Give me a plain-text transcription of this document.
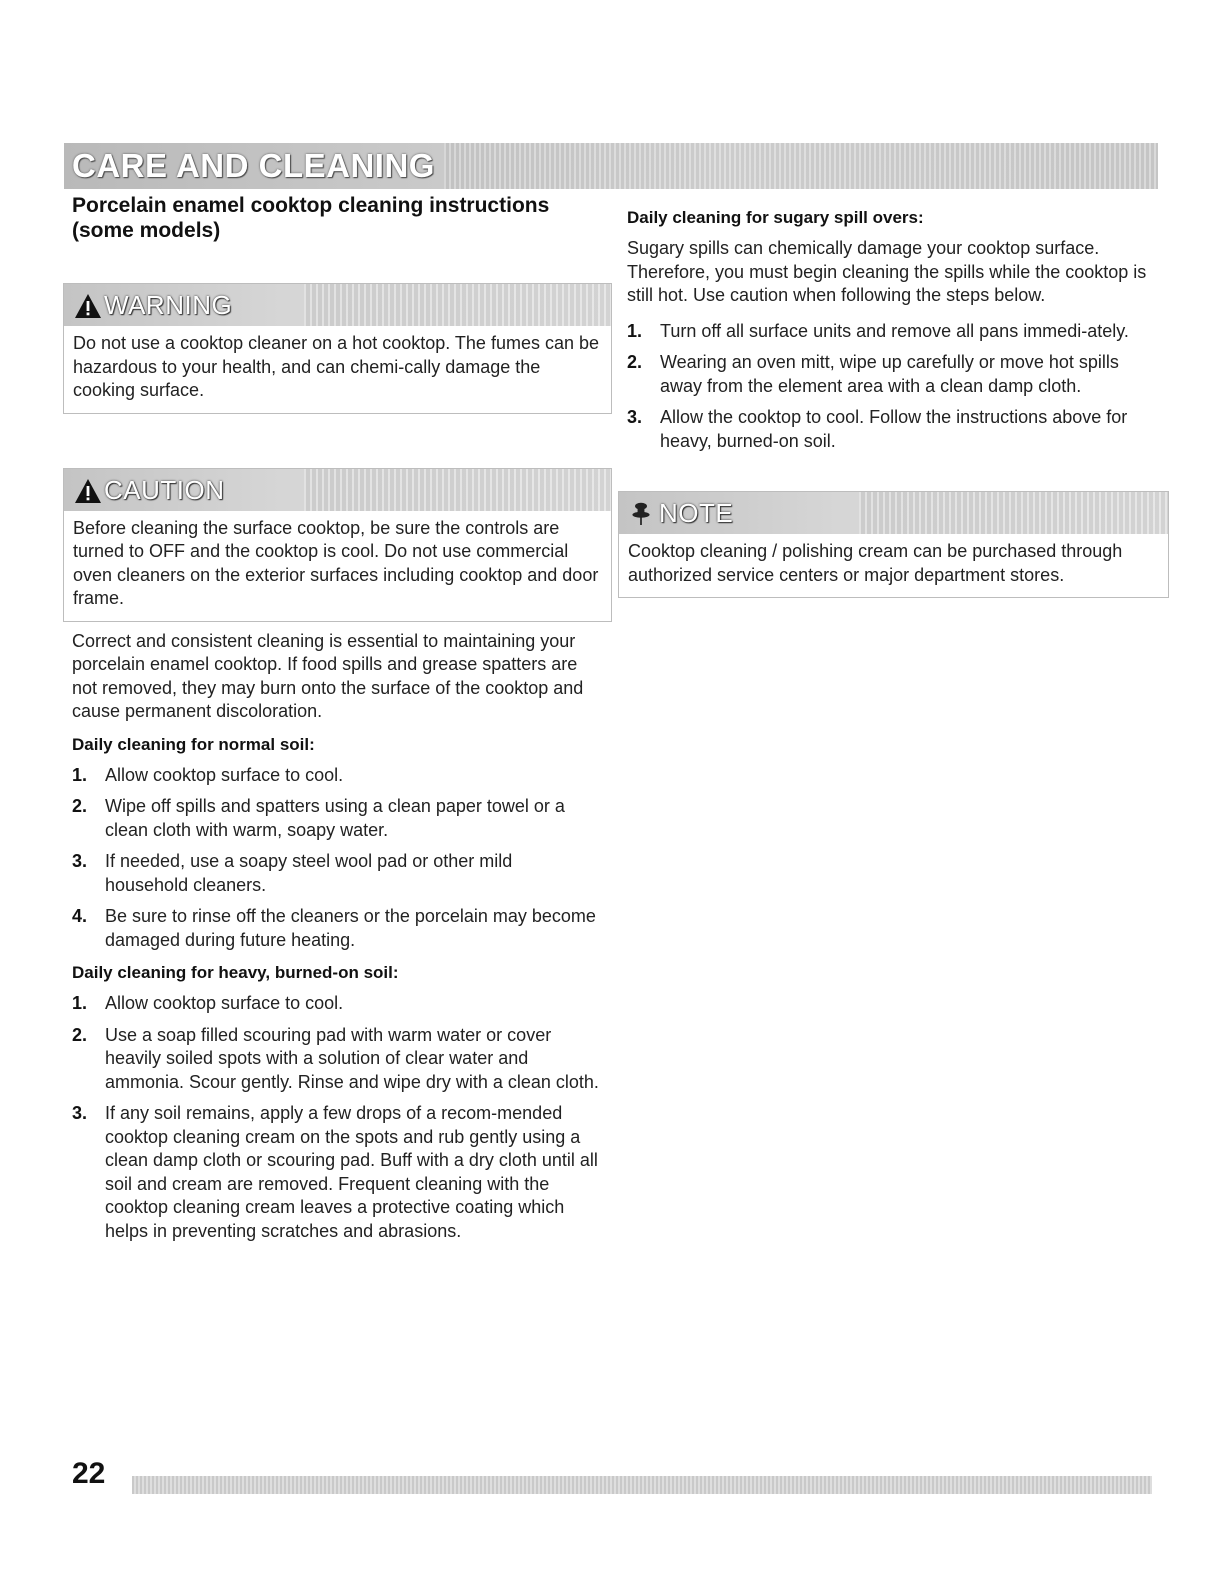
CARE AND CLEANING
Porcelain enamel cooktop cleaning instructions (some models)
WARNING

Do not use a cooktop cleaner on a hot cooktop. The fumes can be hazardous to your health, and can chemi-cally damage the cooking surface.

CAUTION

Before cleaning the surface cooktop, be sure the controls are turned to OFF and the cooktop is cool. Do not use commercial oven cleaners on the exterior surfaces including cooktop and door frame.

Correct and consistent cleaning is essential to maintaining your porcelain enamel cooktop. If food spills and grease spatters are not removed, they may burn onto the surface of the cooktop and cause permanent discoloration.

Daily cleaning for normal soil:
1. Allow cooktop surface to cool.
2. Wipe off spills and spatters using a clean paper towel or a clean cloth with warm, soapy water.
3. If needed, use a soapy steel wool pad or other mild household cleaners.
4. Be sure to rinse off the cleaners or the porcelain may become damaged during future heating.
Daily cleaning for heavy, burned-on soil:
1. Allow cooktop surface to cool.
2. Use a soap filled scouring pad with warm water or cover heavily soiled spots with a solution of clear water and ammonia. Scour gently. Rinse and wipe dry with a clean cloth.
3. If any soil remains, apply a few drops of a recom-mended cooktop cleaning cream on the spots and rub gently using a clean damp cloth or scouring pad. Buff with a dry cloth until all soil and cream are removed. Frequent cleaning with the cooktop cleaning cream leaves a protective coating which helps in preventing scratches and abrasions.
Daily cleaning for sugary spill overs:

Sugary spills can chemically damage your cooktop surface. Therefore, you must begin cleaning the spills while the cooktop is still hot. Use caution when following the steps below.

1. Turn off all surface units and remove all pans immedi-ately.
2. Wearing an oven mitt, wipe up carefully or move hot spills away from the element area with a clean damp cloth.
3. Allow the cooktop to cool. Follow the instructions above for heavy, burned-on soil.
NOTE

Cooktop cleaning / polishing cream can be purchased through authorized service centers or major department stores.

22
